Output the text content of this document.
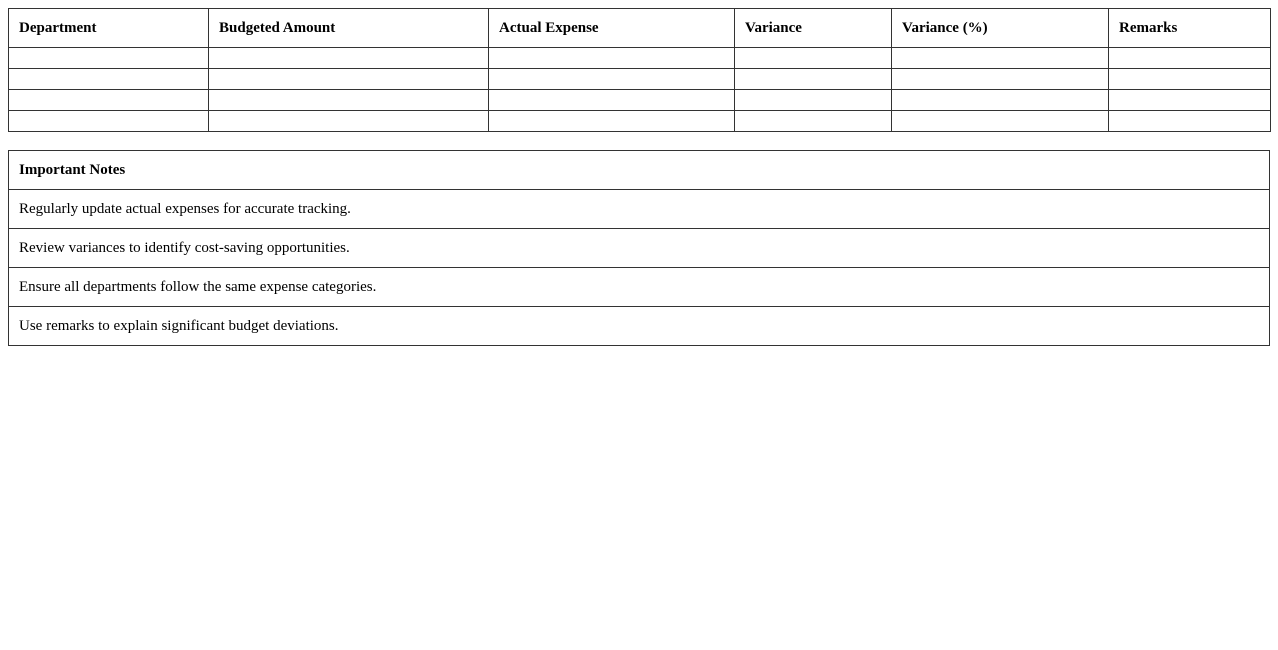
Department	Budgeted Amount	Actual Expense	Variance	Variance (%)	Remarks

Important Notes
Regularly update actual expenses for accurate tracking.
Review variances to identify cost-saving opportunities.
Ensure all departments follow the same expense categories.
Use remarks to explain significant budget deviations.
